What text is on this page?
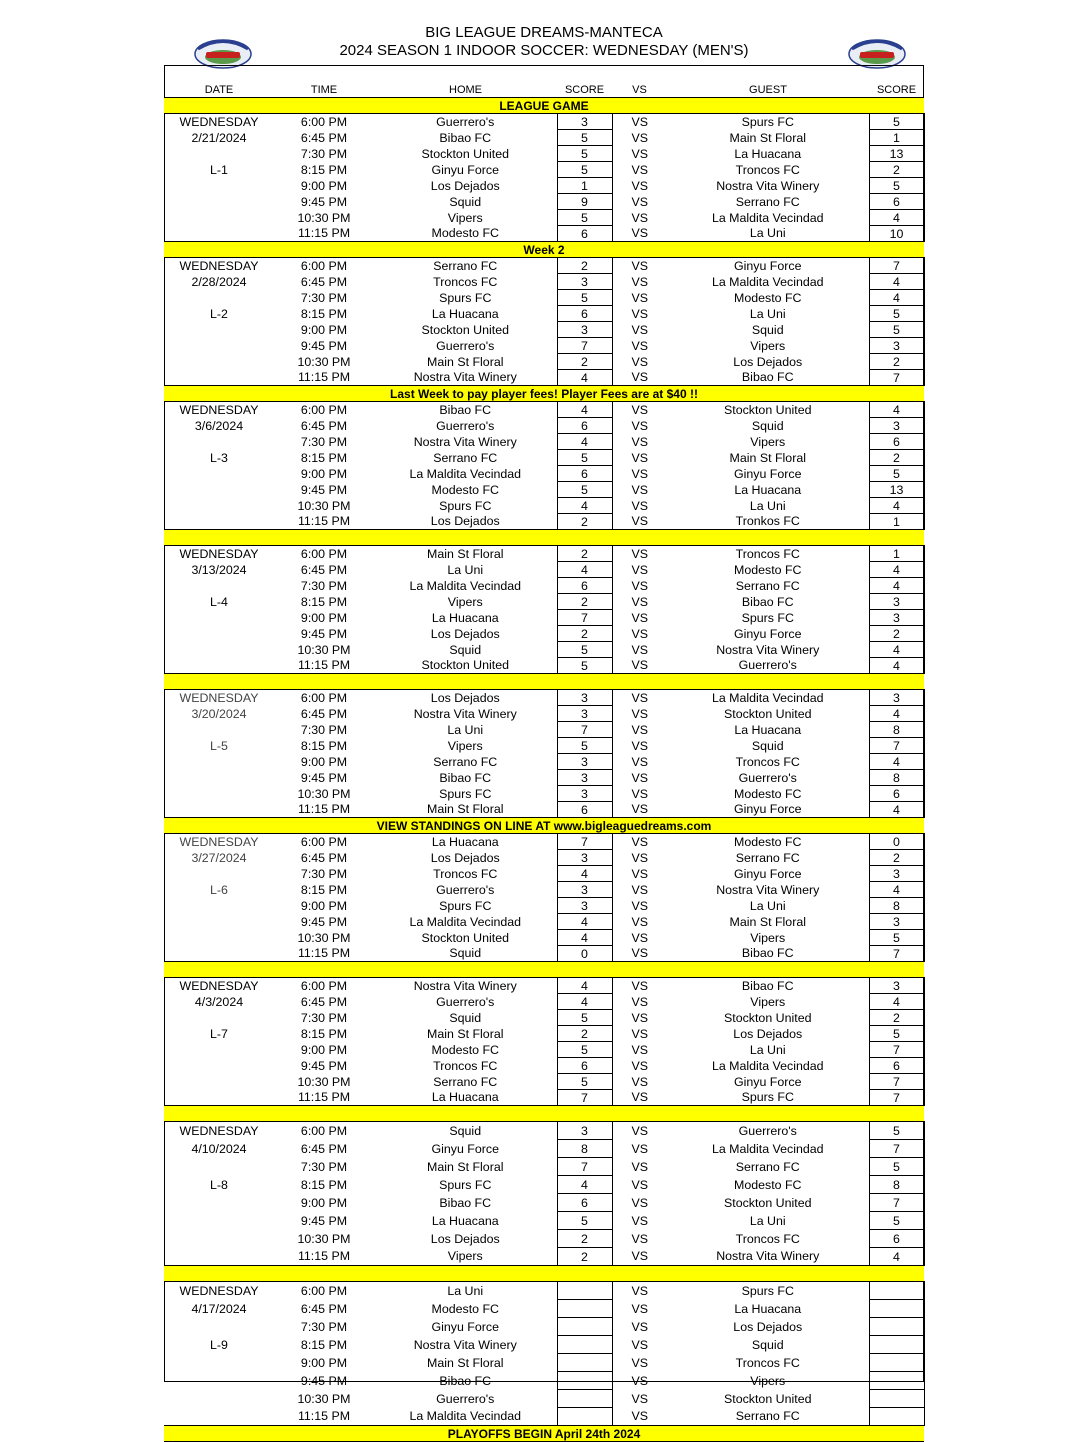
BIG LEAGUE DREAMS-MANTECA
2024 SEASON 1 INDOOR SOCCER: WEDNESDAY (MEN'S)
DATE	TIME	HOME	SCORE	VS	GUEST	SCORE
LEAGUE GAME						
WEDNESDAY	6:00 PM	Guerrero's	3	VS	Spurs FC	5
2/21/2024	6:45 PM	Bibao FC	5	VS	Main St Floral	1
	7:30 PM	Stockton United	5	VS	La Huacana	13
L-1	8:15 PM	Ginyu Force	5	VS	Troncos FC	2
	9:00 PM	Los Dejados	1	VS	Nostra Vita Winery	5
	9:45 PM	Squid	9	VS	Serrano FC	6
	10:30 PM	Vipers	5	VS	La Maldita Vecindad	4
	11:15 PM	Modesto FC	6	VS	La Uni	10
Week 2						
WEDNESDAY	6:00 PM	Serrano FC	2	VS	Ginyu Force	7
2/28/2024	6:45 PM	Troncos FC	3	VS	La Maldita Vecindad	4
	7:30 PM	Spurs FC	5	VS	Modesto FC	4
L-2	8:15 PM	La Huacana	6	VS	La Uni	5
	9:00 PM	Stockton United	3	VS	Squid	5
	9:45 PM	Guerrero's	7	VS	Vipers	3
	10:30 PM	Main St Floral	2	VS	Los Dejados	2
	11:15 PM	Nostra Vita Winery	4	VS	Bibao FC	7
Last Week to pay player fees! Player Fees are at $40 !!						
WEDNESDAY	6:00 PM	Bibao FC	4	VS	Stockton United	4
3/6/2024	6:45 PM	Guerrero's	6	VS	Squid	3
	7:30 PM	Nostra Vita Winery	4	VS	Vipers	6
L-3	8:15 PM	Serrano FC	5	VS	Main St Floral	2
	9:00 PM	La Maldita Vecindad	6	VS	Ginyu Force	5
	9:45 PM	Modesto FC	5	VS	La Huacana	13
	10:30 PM	Spurs FC	4	VS	La Uni	4
	11:15 PM	Los Dejados	2	VS	Tronkos FC	1

WEDNESDAY	6:00 PM	Main St Floral	2	VS	Troncos FC	1
3/13/2024	6:45 PM	La Uni	4	VS	Modesto FC	4
	7:30 PM	La Maldita Vecindad	6	VS	Serrano FC	4
L-4	8:15 PM	Vipers	2	VS	Bibao FC	3
	9:00 PM	La Huacana	7	VS	Spurs FC	3
	9:45 PM	Los Dejados	2	VS	Ginyu Force	2
	10:30 PM	Squid	5	VS	Nostra Vita Winery	4
	11:15 PM	Stockton United	5	VS	Guerrero's	4

WEDNESDAY	6:00 PM	Los Dejados	3	VS	La Maldita Vecindad	3
3/20/2024	6:45 PM	Nostra Vita Winery	3	VS	Stockton United	4
	7:30 PM	La Uni	7	VS	La Huacana	8
L-5	8:15 PM	Vipers	5	VS	Squid	7
	9:00 PM	Serrano FC	3	VS	Troncos FC	4
	9:45 PM	Bibao FC	3	VS	Guerrero's	8
	10:30 PM	Spurs FC	3	VS	Modesto FC	6
	11:15 PM	Main St Floral	6	VS	Ginyu Force	4
VIEW STANDINGS ON LINE AT www.bigleaguedreams.com						
WEDNESDAY	6:00 PM	La Huacana	7	VS	Modesto FC	0
3/27/2024	6:45 PM	Los Dejados	3	VS	Serrano FC	2
	7:30 PM	Troncos FC	4	VS	Ginyu Force	3
L-6	8:15 PM	Guerrero's	3	VS	Nostra Vita Winery	4
	9:00 PM	Spurs FC	3	VS	La Uni	8
	9:45 PM	La Maldita Vecindad	4	VS	Main St Floral	3
	10:30 PM	Stockton United	4	VS	Vipers	5
	11:15 PM	Squid	0	VS	Bibao FC	7

WEDNESDAY	6:00 PM	Nostra Vita Winery	4	VS	Bibao FC	3
4/3/2024	6:45 PM	Guerrero's	4	VS	Vipers	4
	7:30 PM	Squid	5	VS	Stockton United	2
L-7	8:15 PM	Main St Floral	2	VS	Los Dejados	5
	9:00 PM	Modesto FC	5	VS	La Uni	7
	9:45 PM	Troncos FC	6	VS	La Maldita Vecindad	6
	10:30 PM	Serrano FC	5	VS	Ginyu Force	7
	11:15 PM	La Huacana	7	VS	Spurs FC	7

WEDNESDAY	6:00 PM	Squid	3	VS	Guerrero's	5
4/10/2024	6:45 PM	Ginyu Force	8	VS	La Maldita Vecindad	7
	7:30 PM	Main St Floral	7	VS	Serrano FC	5
L-8	8:15 PM	Spurs FC	4	VS	Modesto FC	8
	9:00 PM	Bibao FC	6	VS	Stockton United	7
	9:45 PM	La Huacana	5	VS	La Uni	5
	10:30 PM	Los Dejados	2	VS	Troncos FC	6
	11:15 PM	Vipers	2	VS	Nostra Vita Winery	4

WEDNESDAY	6:00 PM	La Uni		VS	Spurs FC	
4/17/2024	6:45 PM	Modesto FC		VS	La Huacana	
	7:30 PM	Ginyu Force		VS	Los Dejados	
L-9	8:15 PM	Nostra Vita Winery		VS	Squid	
	9:00 PM	Main St Floral		VS	Troncos FC	
	9:45 PM	Bibao FC		VS	Vipers	
	10:30 PM	Guerrero's		VS	Stockton United	
	11:15 PM	La Maldita Vecindad		VS	Serrano FC	
PLAYOFFS BEGIN April 24th 2024						
